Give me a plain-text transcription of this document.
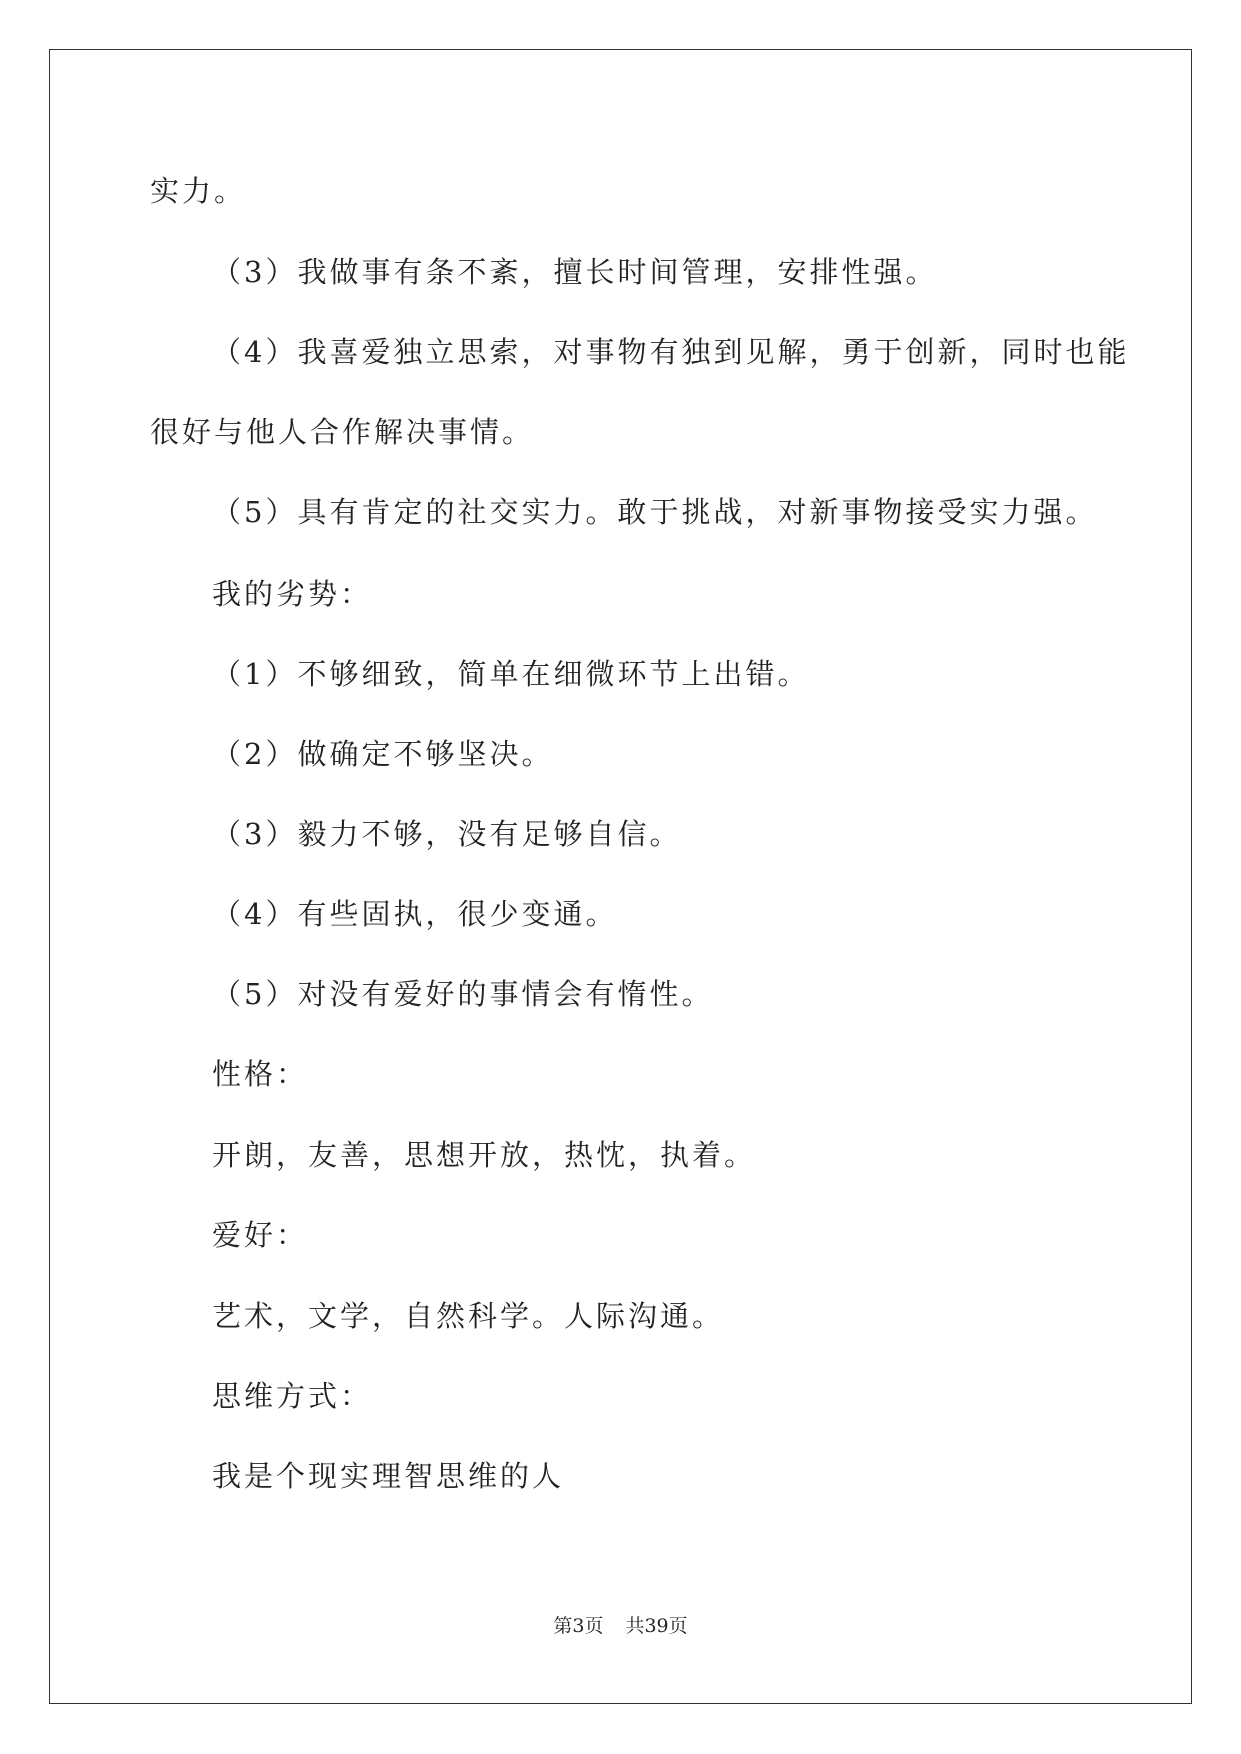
实力。
（3）我做事有条不紊，擅长时间管理，安排性强。
（4）我喜爱独立思索，对事物有独到见解，勇于创新，同时也能
很好与他人合作解决事情。
（5）具有肯定的社交实力。敢于挑战，对新事物接受实力强。
我的劣势：
（1）不够细致，简单在细微环节上出错。
（2）做确定不够坚决。
（3）毅力不够，没有足够自信。
（4）有些固执，很少变通。
（5）对没有爱好的事情会有惰性。
性格：
开朗，友善，思想开放，热忱，执着。
爱好：
艺术，文学，自然科学。人际沟通。
思维方式：
我是个现实理智思维的人
第3页 共39页
